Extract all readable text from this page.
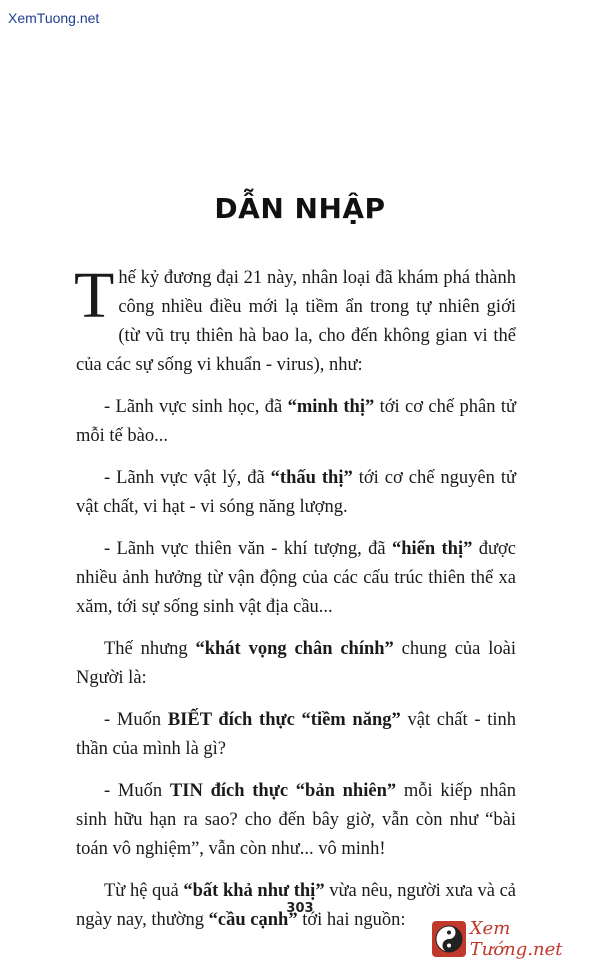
XemTuong.net
DẪN NHẬP

Thế kỷ đương đại 21 này, nhân loại đã khám phá thành công nhiều điều mới lạ tiềm ẩn trong tự nhiên giới (từ vũ trụ thiên hà bao la, cho đến không gian vi thể của các sự sống vi khuẩn - virus), như:

- Lãnh vực sinh học, đã “minh thị” tới cơ chế phân tử mỗi tế bào...

- Lãnh vực vật lý, đã “thấu thị” tới cơ chế nguyên tử vật chất, vi hạt - vi sóng năng lượng.

- Lãnh vực thiên văn - khí tượng, đã “hiển thị” được nhiều ảnh hưởng từ vận động của các cấu trúc thiên thể xa xăm, tới sự sống sinh vật địa cầu...

Thế nhưng “khát vọng chân chính” chung của loài Người là:

- Muốn BIẾT đích thực “tiềm năng” vật chất - tinh thần của mình là gì?

- Muốn TIN đích thực “bản nhiên” mỗi kiếp nhân sinh hữu hạn ra sao? cho đến bây giờ, vẫn còn như “bài toán vô nghiệm”, vẫn còn như... vô minh!

Từ hệ quả “bất khả như thị” vừa nêu, người xưa và cả ngày nay, thường “cầu cạnh” tới hai nguồn:

303
Xem Tướng.net
